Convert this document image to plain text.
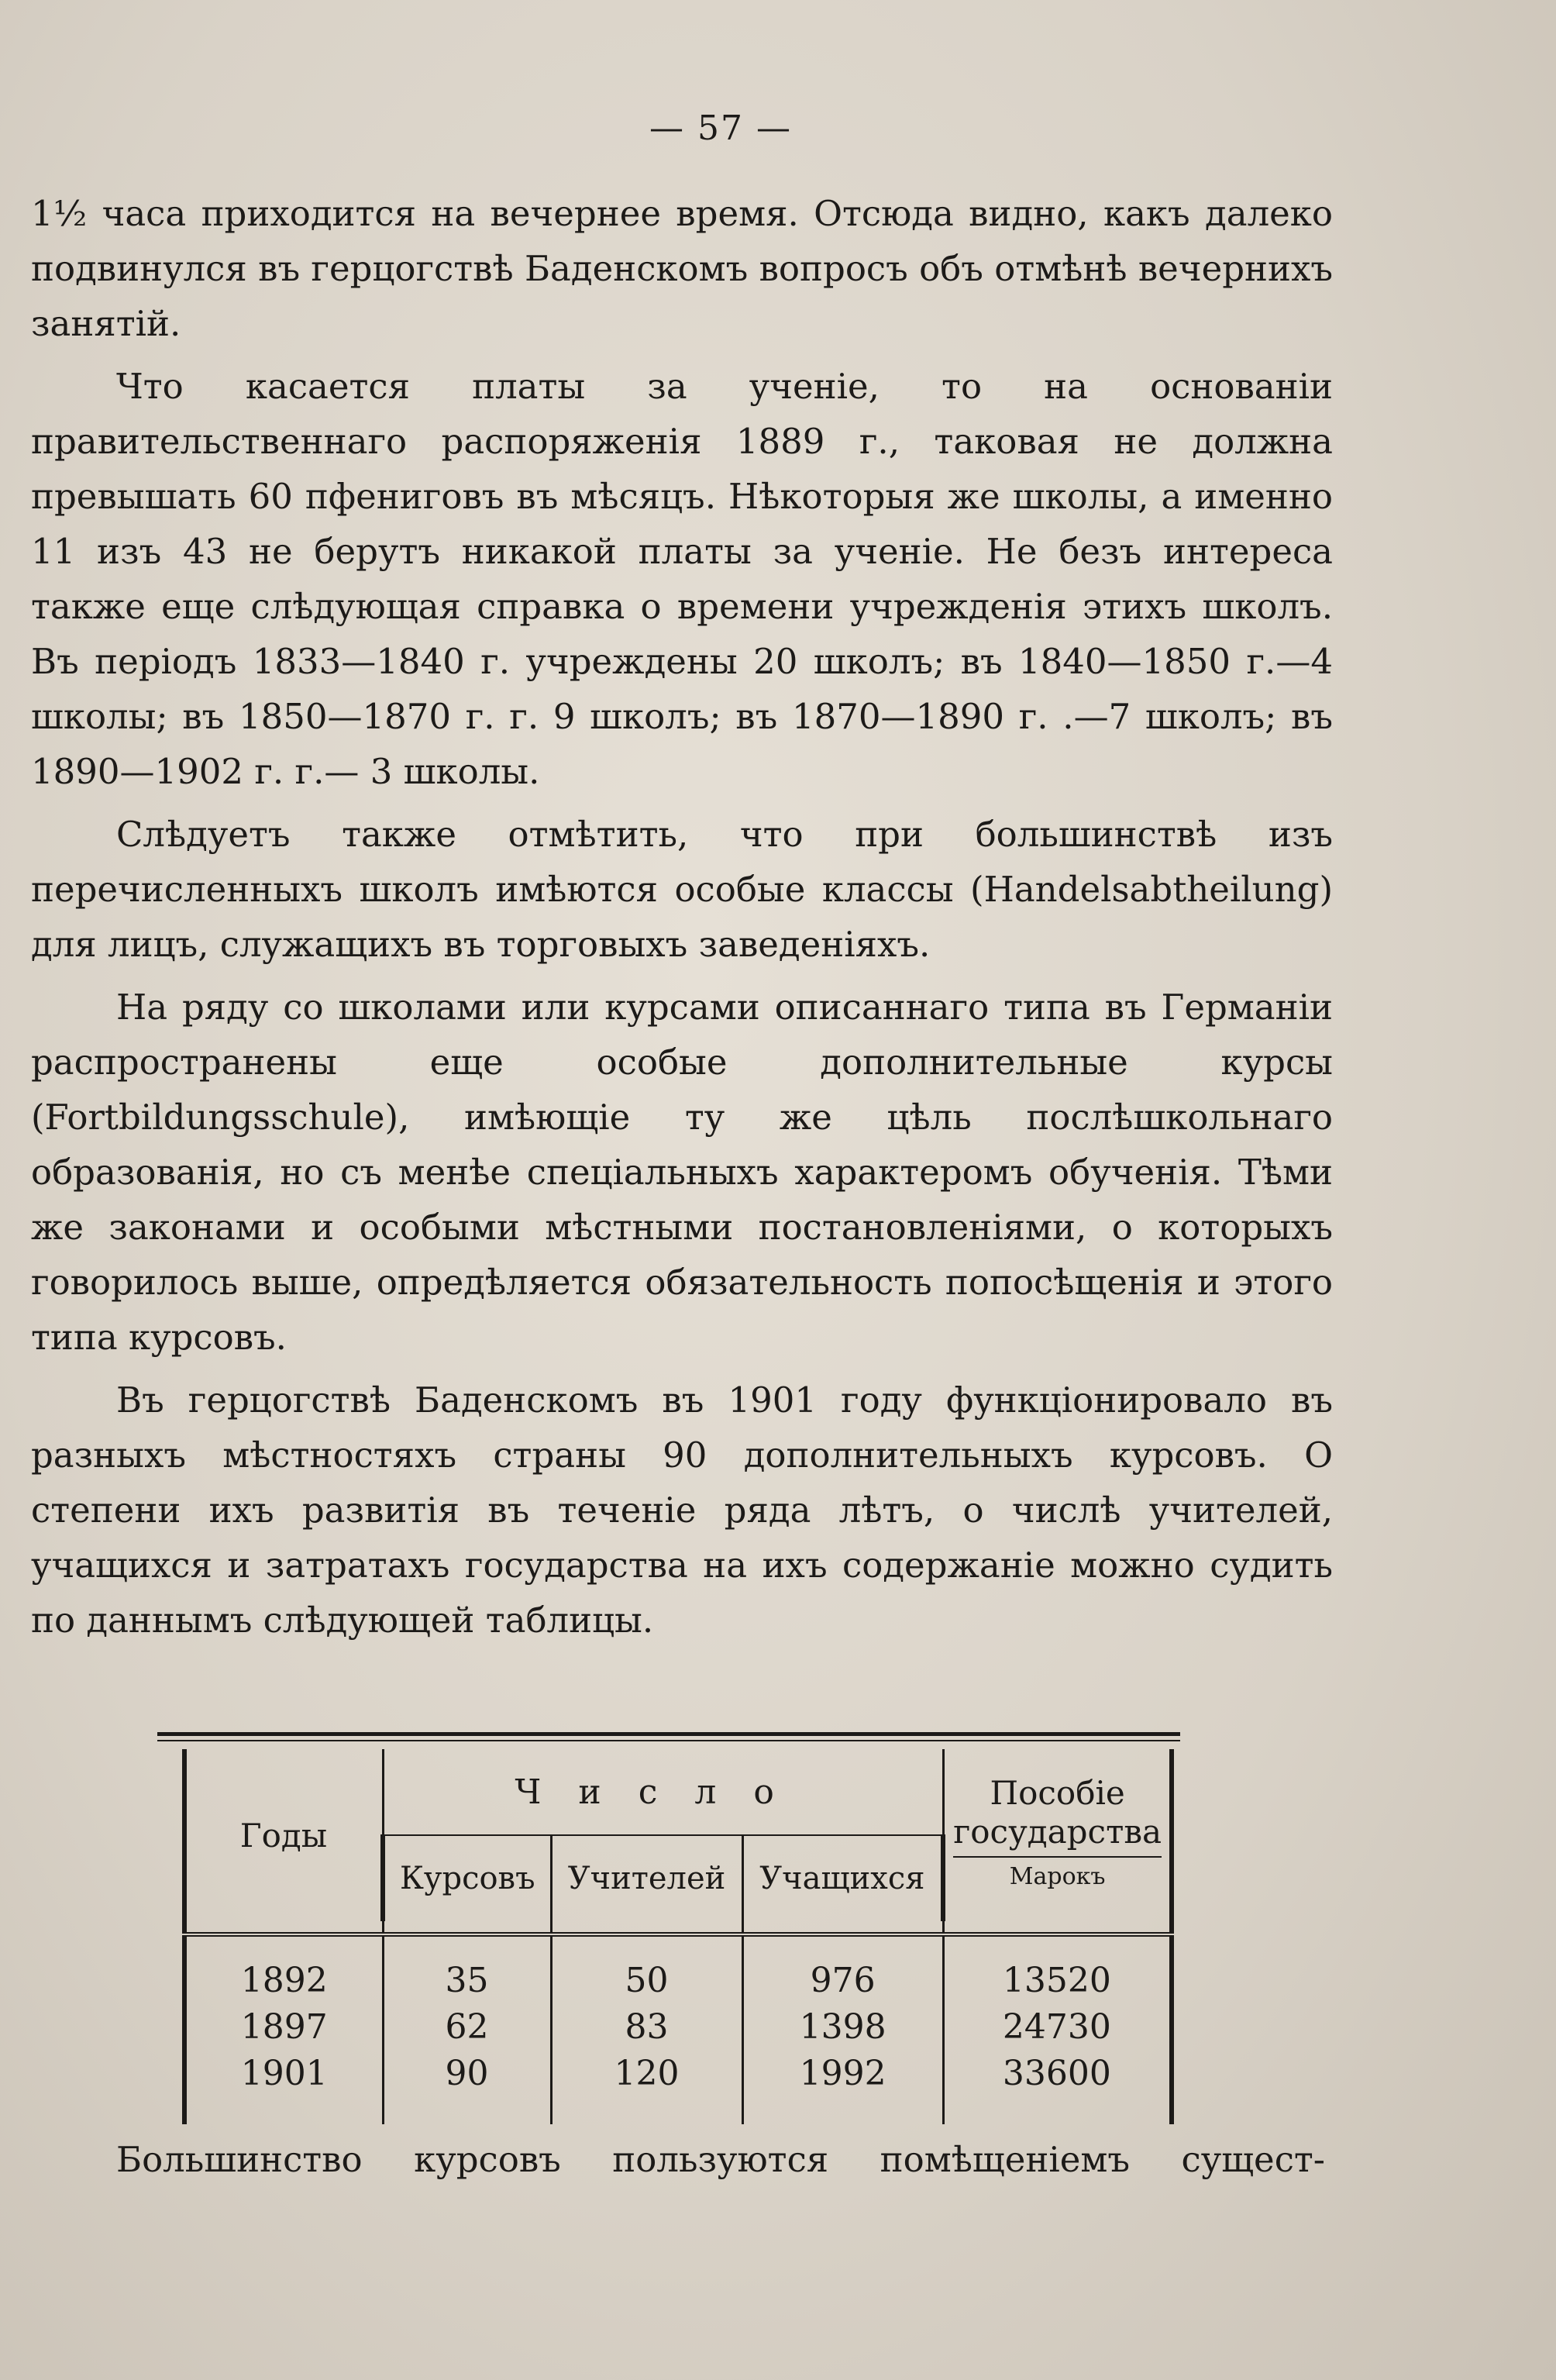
— 57 —

1½ часа приходится на вечернее время. Отсюда видно, какъ далеко подвинулся въ герцогствѣ Баденскомъ вопросъ объ отмѣнѣ вечернихъ занятій.

Что касается платы за ученіе, то на основаніи правительственнаго распоряженія 1889 г., таковая не должна превышать 60 пфениговъ въ мѣсяцъ. Нѣкоторыя же школы, а именно 11 изъ 43 не берутъ никакой платы за ученіе. Не безъ интереса также еще слѣдующая справка о времени учрежденія этихъ школъ. Въ періодъ 1833—1840 г. учреждены 20 школъ; въ 1840—1850 г.—4 школы; въ 1850—1870 г. г. 9 школъ; въ 1870—1890 г. .—7 школъ; въ 1890—1902 г. г.— 3 школы.

Слѣдуетъ также отмѣтить, что при большинствѣ изъ перечисленныхъ школъ имѣются особые классы (Handelsabtheilung) для лицъ, служащихъ въ торговыхъ заведеніяхъ.

На ряду со школами или курсами описаннаго типа въ Германіи распространены еще особые дополнительные курсы (Fortbildungsschule), имѣющіе ту же цѣль послѣшкольнаго образованія, но съ менѣе спеціальныхъ характеромъ обученія. Тѣми же законами и особыми мѣстными постановленіями, о которыхъ говорилось выше, опредѣляется обязательность попосѣщенія и этого типа курсовъ.

Въ герцогствѣ Баденскомъ въ 1901 году функціонировало въ разныхъ мѣстностяхъ страны 90 дополнительныхъ курсовъ. О степени ихъ развитія въ теченіе ряда лѣтъ, о числѣ учителей, учащихся и затратахъ государства на ихъ содержаніе можно судить по даннымъ слѣдующей таблицы.

Годы	Число			Пособіе государства
Марокъ

	Курсовъ	Учителей	Учащихся	

1892	35	50	976	13520
1897	62	83	1398	24730
1901	90	120	1992	33600
Большинство курсовъ пользуются помѣщеніемъ сущест-
